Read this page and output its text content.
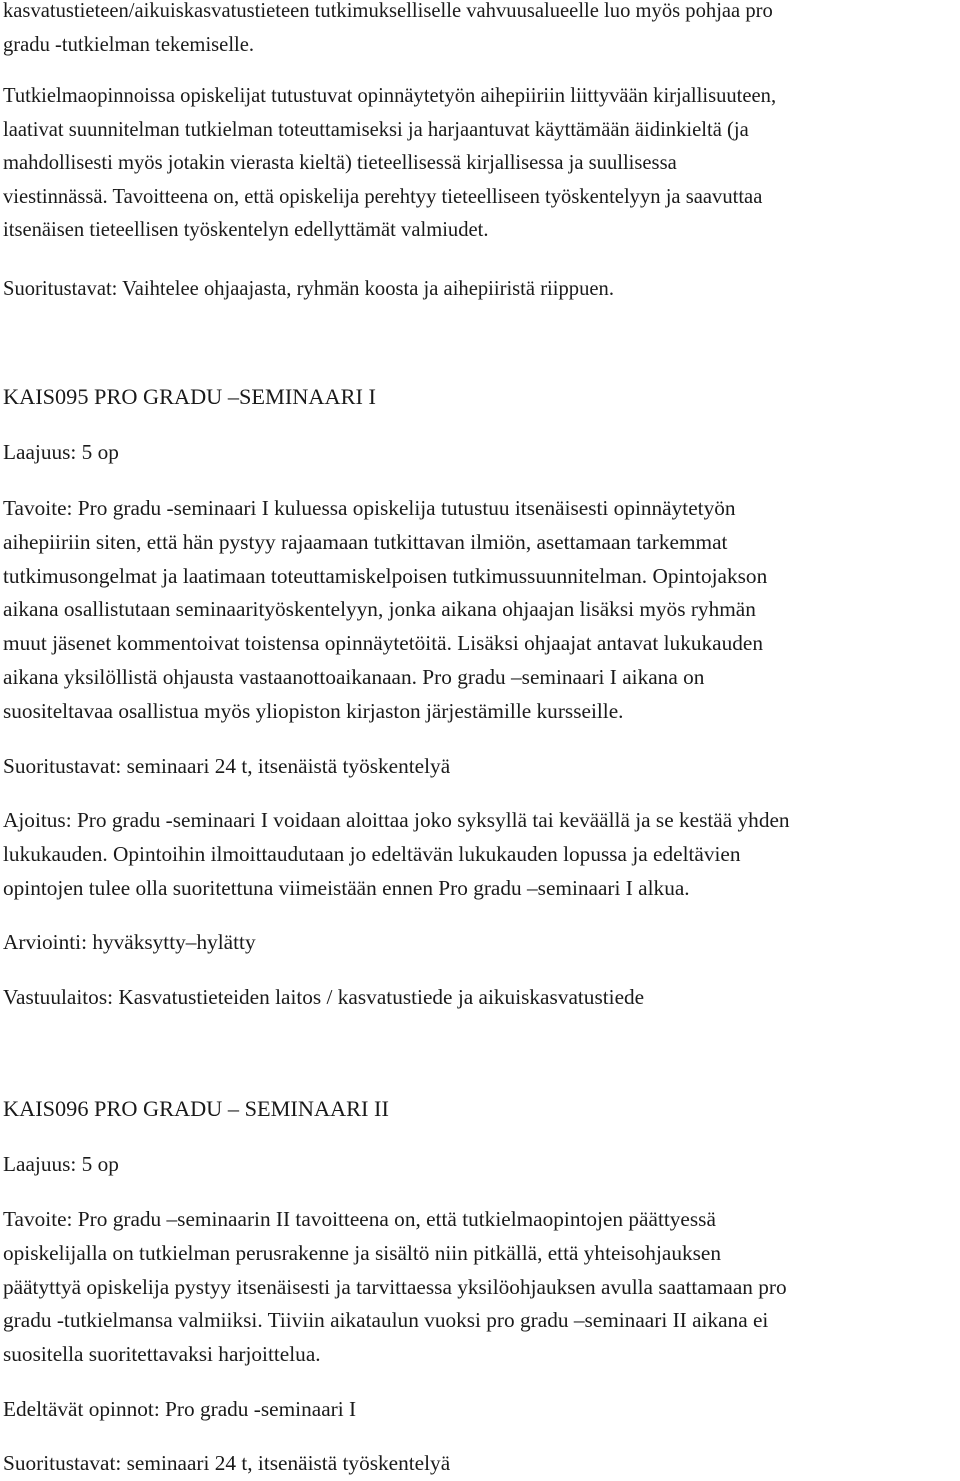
kasvatustieteen/aikuiskasvatustieteen tutkimukselliselle vahvuusalueelle luo myös pohjaa pro
gradu -tutkielman tekemiselle.

Tutkielmaopinnoissa opiskelijat tutustuvat opinnäytetyön aihepiiriin liittyvään kirjallisuuteen,
laativat suunnitelman tutkielman toteuttamiseksi ja harjaantuvat käyttämään äidinkieltä (ja
mahdollisesti myös jotakin vierasta kieltä) tieteellisessä kirjallisessa ja suullisessa
viestinnässä. Tavoitteena on, että opiskelija perehtyy tieteelliseen työskentelyyn ja saavuttaa
itsenäisen tieteellisen työskentelyn edellyttämät valmiudet.

Suoritustavat: Vaihtelee ohjaajasta, ryhmän koosta ja aihepiiristä riippuen.

KAIS095 PRO GRADU –SEMINAARI I

Laajuus: 5 op

Tavoite: Pro gradu -seminaari I kuluessa opiskelija tutustuu itsenäisesti opinnäytetyön
aihepiiriin siten, että hän pystyy rajaamaan tutkittavan ilmiön, asettamaan tarkemmat
tutkimusongelmat ja laatimaan toteuttamiskelpoisen tutkimussuunnitelman. Opintojakson
aikana osallistutaan seminaarityöskentelyyn, jonka aikana ohjaajan lisäksi myös ryhmän
muut jäsenet kommentoivat toistensa opinnäytetöitä. Lisäksi ohjaajat antavat lukukauden
aikana yksilöllistä ohjausta vastaanottoaikanaan. Pro gradu –seminaari I aikana on
suositeltavaa osallistua myös yliopiston kirjaston järjestämille kursseille.

Suoritustavat: seminaari 24 t, itsenäistä työskentelyä

Ajoitus: Pro gradu -seminaari I voidaan aloittaa joko syksyllä tai keväällä ja se kestää yhden
lukukauden. Opintoihin ilmoittaudutaan jo edeltävän lukukauden lopussa ja edeltävien
opintojen tulee olla suoritettuna viimeistään ennen Pro gradu –seminaari I alkua.

Arviointi: hyväksytty–hylätty

Vastuulaitos: Kasvatustieteiden laitos / kasvatustiede ja aikuiskasvatustiede

KAIS096 PRO GRADU – SEMINAARI II

Laajuus: 5 op

Tavoite: Pro gradu –seminaarin II tavoitteena on, että tutkielmaopintojen päättyessä
opiskelijalla on tutkielman perusrakenne ja sisältö niin pitkällä, että yhteisohjauksen
päätyttyä opiskelija pystyy itsenäisesti ja tarvittaessa yksilöohjauksen avulla saattamaan pro
gradu -tutkielmansa valmiiksi. Tiiviin aikataulun vuoksi pro gradu –seminaari II aikana ei
suositella suoritettavaksi harjoittelua.

Edeltävät opinnot: Pro gradu -seminaari I

Suoritustavat: seminaari 24 t, itsenäistä työskentelyä
